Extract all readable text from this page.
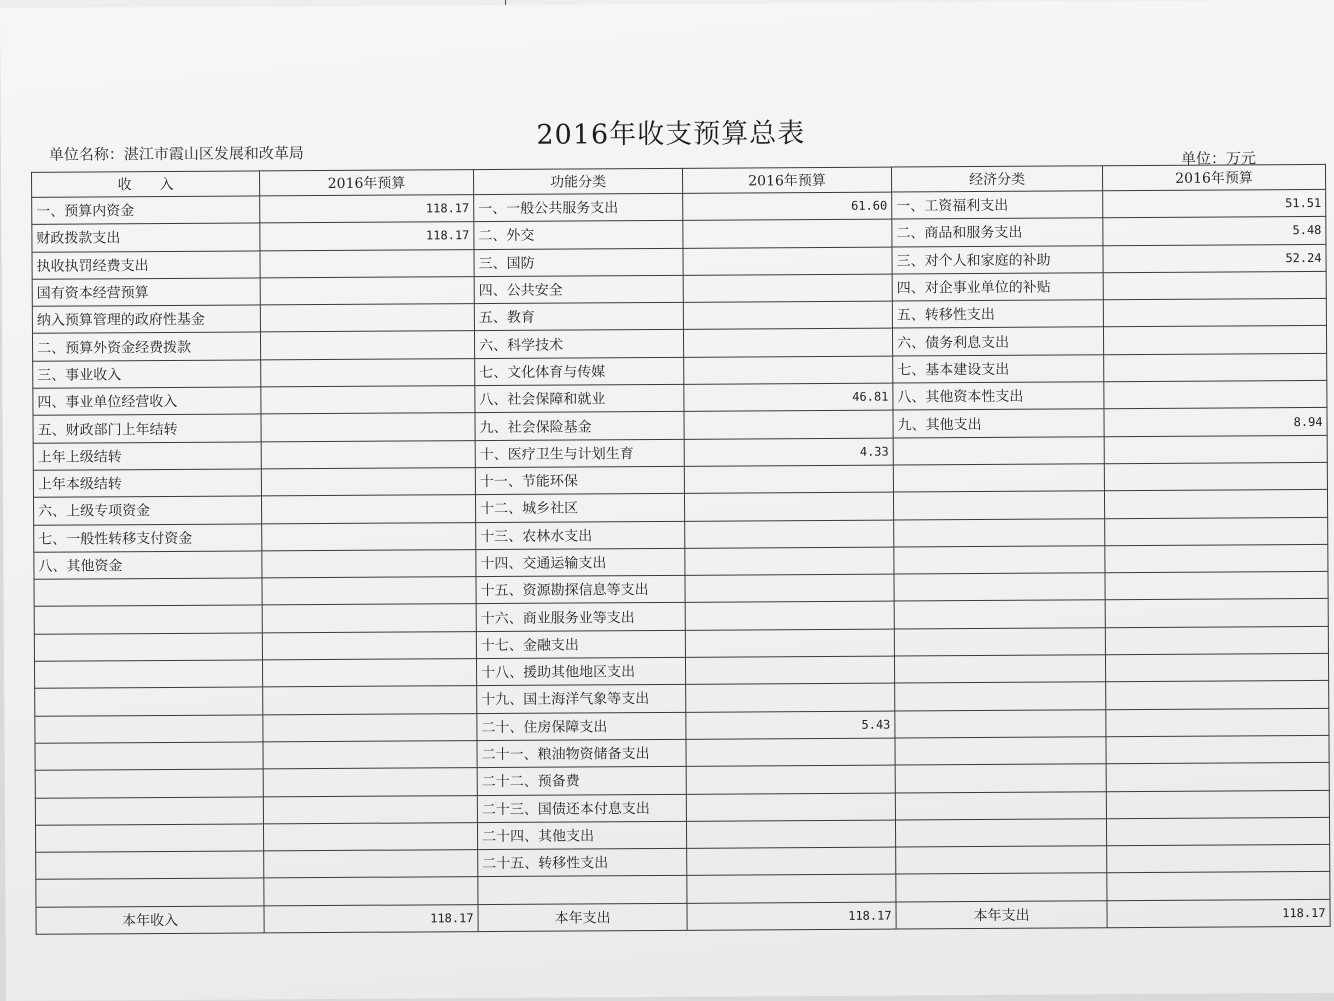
2016年收支预算总表
单位名称：湛江市霞山区发展和改革局	单位：万元
收　　入	2016年预算	功能分类	2016年预算	经济分类	2016年预算
一、预算内资金	118.17	一、一般公共服务支出	61.60	一、工资福利支出	51.51
财政拨款支出	118.17	二、外交		二、商品和服务支出	5.48
执收执罚经费支出		三、国防		三、对个人和家庭的补助	52.24
国有资本经营预算		四、公共安全		四、对企事业单位的补贴	
纳入预算管理的政府性基金		五、教育		五、转移性支出	
二、预算外资金经费拨款		六、科学技术		六、债务利息支出	
三、事业收入		七、文化体育与传媒		七、基本建设支出	
四、事业单位经营收入		八、社会保障和就业	46.81	八、其他资本性支出	
五、财政部门上年结转		九、社会保险基金		九、其他支出	8.94
上年上级结转		十、医疗卫生与计划生育	4.33		
上年本级结转		十一、节能环保			
六、上级专项资金		十二、城乡社区			
七、一般性转移支付资金		十三、农林水支出			
八、其他资金		十四、交通运输支出			
		十五、资源勘探信息等支出			
		十六、商业服务业等支出			
		十七、金融支出			
		十八、援助其他地区支出			
		十九、国土海洋气象等支出			
		二十、住房保障支出	5.43		
		二十一、粮油物资储备支出			
		二十二、预备费			
		二十三、国债还本付息支出			
		二十四、其他支出			
		二十五、转移性支出			

本年收入	118.17	本年支出	118.17	本年支出	118.17
